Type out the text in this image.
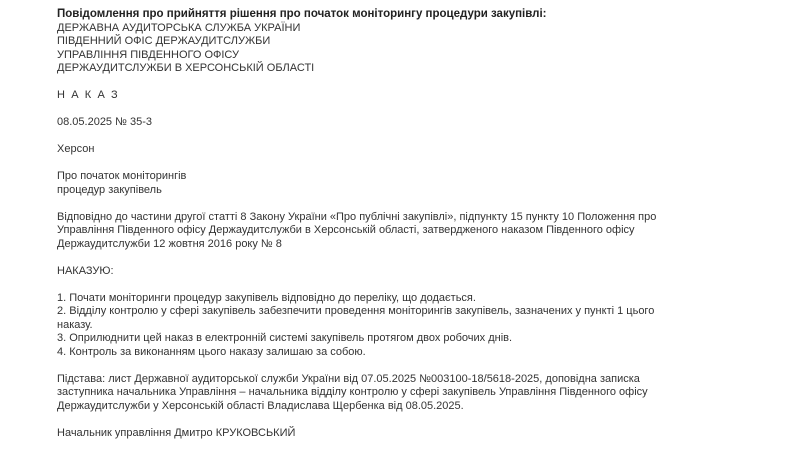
Повідомлення про прийняття рішення про початок моніторингу процедури закупівлі:
ДЕРЖАВНА АУДИТОРСЬКА СЛУЖБА УКРАЇНИ
ПІВДЕННИЙ ОФІС ДЕРЖАУДИТСЛУЖБИ
УПРАВЛІННЯ ПІВДЕННОГО ОФІСУ
ДЕРЖАУДИТСЛУЖБИ В ХЕРСОНСЬКІЙ ОБЛАСТІ
Н А К А З
08.05.2025 № 35-3
Херсон
Про початок моніторингів
процедур закупівель
Відповідно до частини другої статті 8 Закону України «Про публічні закупівлі», підпункту 15 пункту 10 Положення про
Управління Південного офісу Держаудитслужби в Херсонській області, затвердженого наказом Південного офісу
Держаудитслужби 12 жовтня 2016 року № 8
НАКАЗУЮ:
1. Почати моніторинги процедур закупівель відповідно до переліку, що додається.
2. Відділу контролю у сфері закупівель забезпечити проведення моніторингів закупівель, зазначених у пункті 1 цього
наказу.
3. Оприлюднити цей наказ в електронній системі закупівель протягом двох робочих днів.
4. Контроль за виконанням цього наказу залишаю за собою.
Підстава: лист Державної аудиторської служби України від 07.05.2025 №003100-18/5618-2025, доповідна записка
заступника начальника Управління – начальника відділу контролю у сфері закупівель Управління Південного офісу
Держаудитслужби у Херсонській області Владислава Щербенка від 08.05.2025.
Начальник управління Дмитро КРУКОВСЬКИЙ
